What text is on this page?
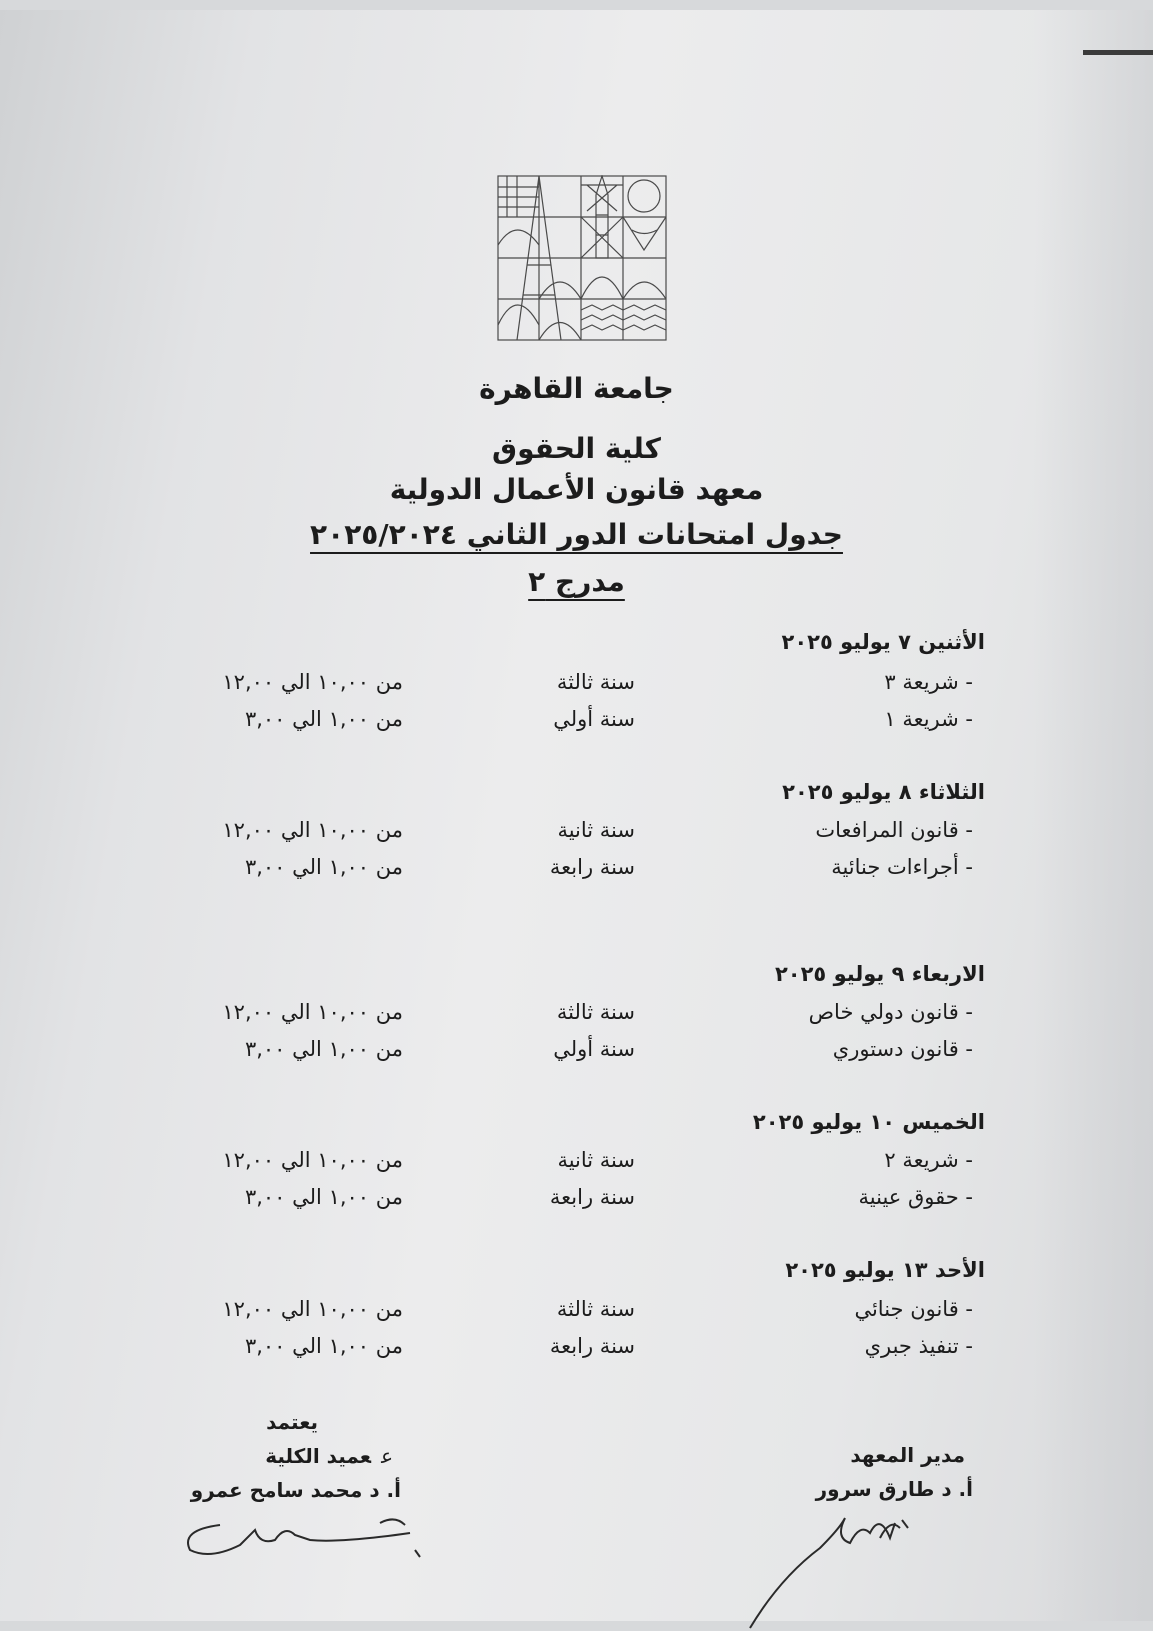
جامعة القاهرة
كلية الحقوق
معهد قانون الأعمال الدولية
جدول امتحانات الدور الثاني ٢٠٢٥/٢٠٢٤
مدرج ٢
الأثنين ٧ يوليو ٢٠٢٥
- شريعة ٣
سنة ثالثة
من ١٠,٠٠ الي ١٢,٠٠
- شريعة ١
سنة أولي
من ١,٠٠ الي ٣,٠٠
الثلاثاء ٨ يوليو ٢٠٢٥
- قانون المرافعات
سنة ثانية
من ١٠,٠٠ الي ١٢,٠٠
- أجراءات جنائية
سنة رابعة
من ١,٠٠ الي ٣,٠٠
الاربعاء ٩ يوليو ٢٠٢٥
- قانون دولي خاص
سنة ثالثة
من ١٠,٠٠ الي ١٢,٠٠
- قانون دستوري
سنة أولي
من ١,٠٠ الي ٣,٠٠
الخميس ١٠ يوليو ٢٠٢٥
- شريعة ٢
سنة ثانية
من ١٠,٠٠ الي ١٢,٠٠
- حقوق عينية
سنة رابعة
من ١,٠٠ الي ٣,٠٠
الأحد ١٣ يوليو ٢٠٢٥
- قانون جنائي
سنة ثالثة
من ١٠,٠٠ الي ١٢,٠٠
- تنفيذ جبري
سنة رابعة
من ١,٠٠ الي ٣,٠٠
يعتمد
ععميد الكلية
أ. د محمد سامح عمرو
مدير المعهد
أ. د طارق سرور
